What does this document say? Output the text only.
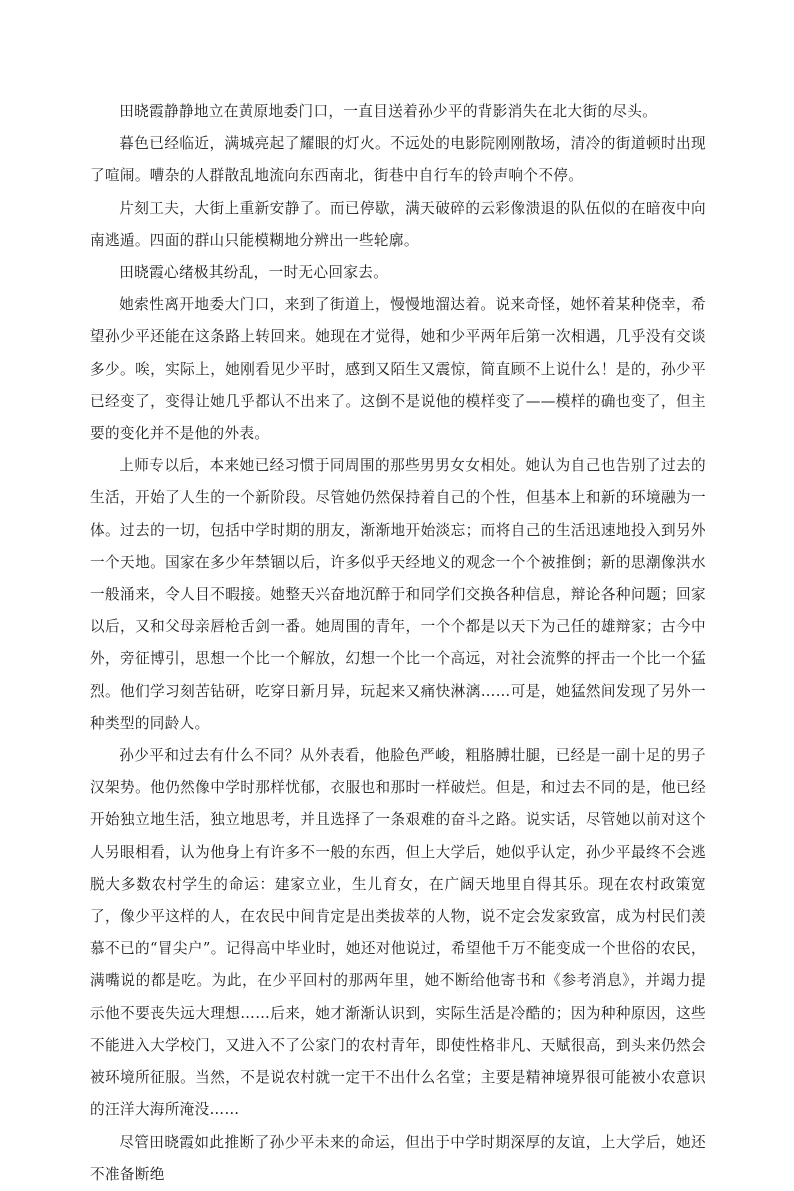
田晓霞静静地立在黄原地委门口，一直目送着孙少平的背影消失在北大街的尽头。

暮色已经临近，满城亮起了耀眼的灯火。不远处的电影院刚刚散场，清冷的街道顿时出现了喧闹。嘈杂的人群散乱地流向东西南北，街巷中自行车的铃声响个不停。

片刻工夫，大街上重新安静了。而已停歇，满天破碎的云彩像溃退的队伍似的在暗夜中向南逃遁。四面的群山只能模糊地分辨出一些轮廓。

田晓霞心绪极其纷乱，一时无心回家去。

她索性离开地委大门口，来到了街道上，慢慢地溜达着。说来奇怪，她怀着某种侥幸，希望孙少平还能在这条路上转回来。她现在才觉得，她和少平两年后第一次相遇，几乎没有交谈多少。唉，实际上，她刚看见少平时，感到又陌生又震惊，简直顾不上说什么！是的，孙少平已经变了，变得让她几乎都认不出来了。这倒不是说他的模样变了——模样的确也变了，但主要的变化并不是他的外表。

上师专以后，本来她已经习惯于同周围的那些男男女女相处。她认为自己也告别了过去的生活，开始了人生的一个新阶段。尽管她仍然保持着自己的个性，但基本上和新的环境融为一体。过去的一切，包括中学时期的朋友，渐渐地开始淡忘；而将自己的生活迅速地投入到另外一个天地。国家在多少年禁锢以后，许多似乎天经地义的观念一个个被推倒；新的思潮像洪水一般涌来，令人目不暇接。她整天兴奋地沉醉于和同学们交换各种信息，辩论各种问题；回家以后，又和父母亲唇枪舌剑一番。她周围的青年，一个个都是以天下为己任的雄辩家；古今中外，旁征博引，思想一个比一个解放，幻想一个比一个高远，对社会流弊的抨击一个比一个猛烈。他们学习刻苦钻研，吃穿日新月异，玩起来又痛快淋漓……可是，她猛然间发现了另外一种类型的同龄人。

孙少平和过去有什么不同？从外表看，他脸色严峻，粗胳膊壮腿，已经是一副十足的男子汉架势。他仍然像中学时那样忧郁，衣服也和那时一样破烂。但是，和过去不同的是，他已经开始独立地生活，独立地思考，并且选择了一条艰难的奋斗之路。说实话，尽管她以前对这个人另眼相看，认为他身上有许多不一般的东西，但上大学后，她似乎认定，孙少平最终不会逃脱大多数农村学生的命运：建家立业，生儿育女，在广阔天地里自得其乐。现在农村政策宽了，像少平这样的人，在农民中间肯定是出类拔萃的人物，说不定会发家致富，成为村民们羡慕不已的“冒尖户”。记得高中毕业时，她还对他说过，希望他千万不能变成一个世俗的农民，满嘴说的都是吃。为此，在少平回村的那两年里，她不断给他寄书和《参考消息》，并竭力提示他不要丧失远大理想……后来，她才渐渐认识到，实际生活是冷酷的；因为种种原因，这些不能进入大学校门，又进入不了公家门的农村青年，即使性格非凡、天赋很高，到头来仍然会被环境所征服。当然，不是说农村就一定干不出什么名堂；主要是精神境界很可能被小农意识的汪洋大海所淹没……

尽管田晓霞如此推断了孙少平未来的命运，但出于中学时期深厚的友谊，上大学后，她还不准备断绝
